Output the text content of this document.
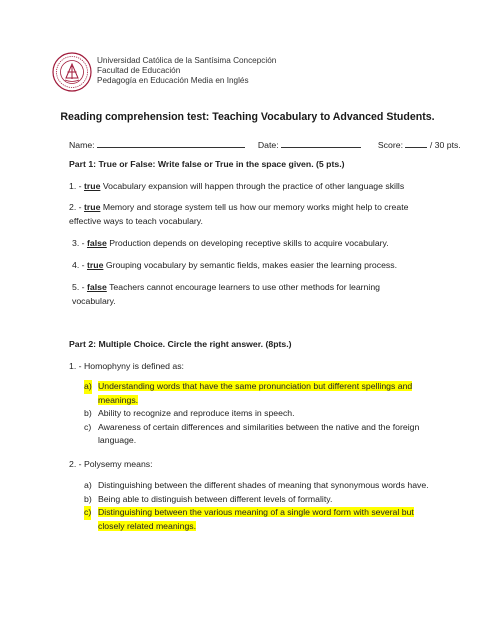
Universidad Católica de la Santísima Concepción
Facultad de Educación
Pedagogía en Educación Media en Inglés
Reading comprehension test: Teaching Vocabulary to Advanced Students.
Name:	Date:	Score:	/ 30 pts.
Part 1: True or False: Write false or True in the space given. (5 pts.)
1. - true Vocabulary expansion will happen through the practice of other language skills
2. - true Memory and storage system tell us how our memory works might help to create effective ways to teach vocabulary.
3. - false Production depends on developing receptive skills to acquire vocabulary.
4. - true Grouping vocabulary by semantic fields, makes easier the learning process.
5. - false Teachers cannot encourage learners to use other methods for learning vocabulary.
Part 2: Multiple Choice. Circle the right answer. (8pts.)
1. - Homophyny is defined as:
a) Understanding words that have the same pronunciation but different spellings and meanings.
b) Ability to recognize and reproduce items in speech.
c) Awareness of certain differences and similarities between the native and the foreign language.
2. - Polysemy means:
a) Distinguishing between the different shades of meaning that synonymous words have.
b) Being able to distinguish between different levels of formality.
c) Distinguishing between the various meaning of a single word form with several but closely related meanings.
